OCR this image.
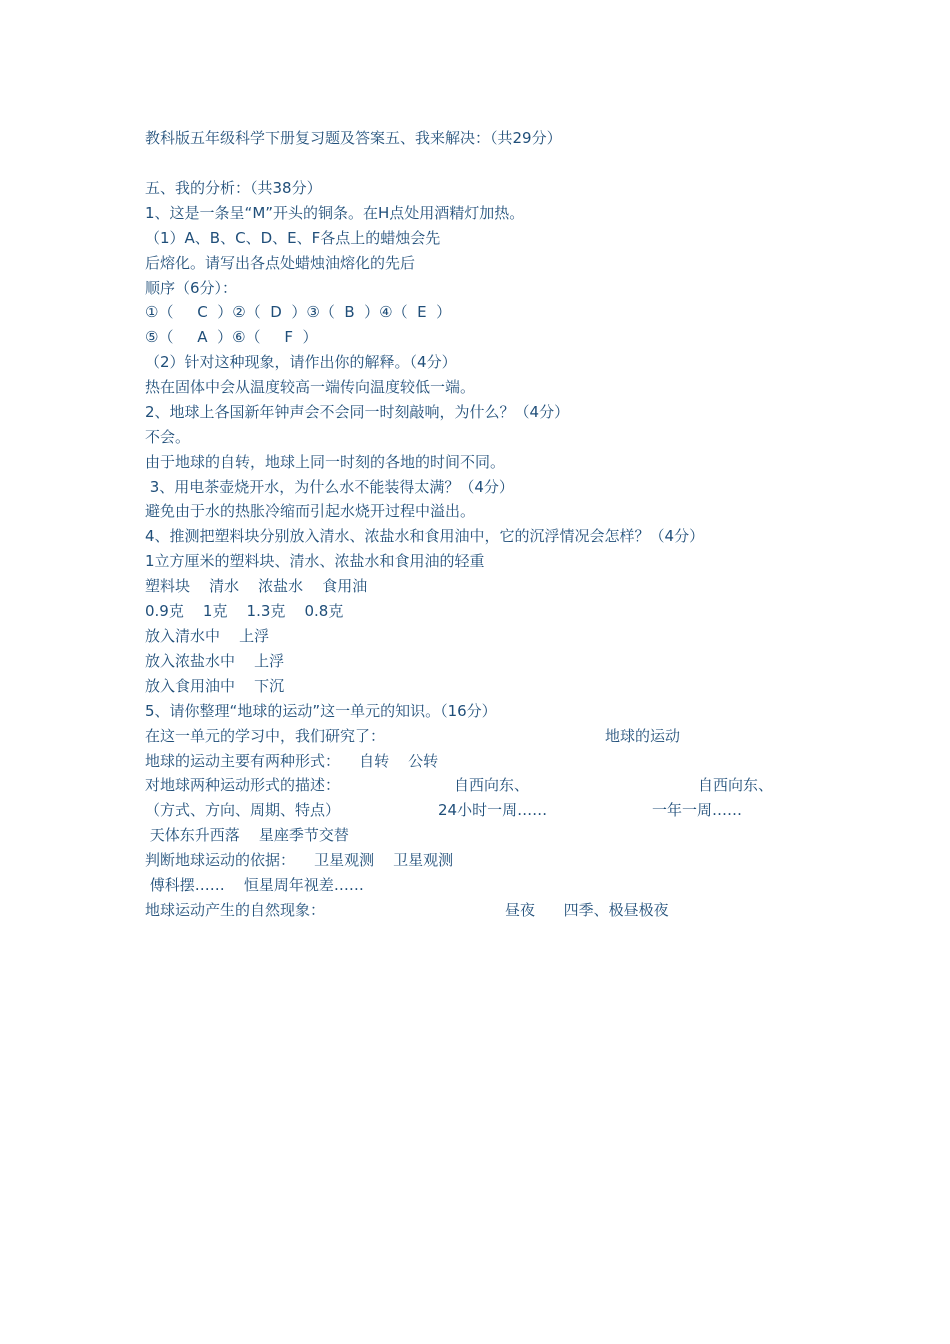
教科版五年级科学下册复习题及答案五、我来解决：（共29分）
五、我的分析：（共38分）
1、这是一条呈“M”开头的铜条。在H点处用酒精灯加热。
（1）A、B、C、D、E、F各点上的蜡烛会先
后熔化。请写出各点处蜡烛油熔化的先后
顺序（6分）：
①（     C  ）②（  D  ）③（  B  ）④（  E  ）
⑤（     A  ）⑥（     F  ）
（2）针对这种现象，请作出你的解释。（4分）
热在固体中会从温度较高一端传向温度较低一端。
2、地球上各国新年钟声会不会同一时刻敲响，为什么？（4分）
不会。
由于地球的自转，地球上同一时刻的各地的时间不同。
3、用电茶壶烧开水，为什么水不能装得太满？（4分）
避免由于水的热胀冷缩而引起水烧开过程中溢出。
4、推测把塑料块分别放入清水、浓盐水和食用油中，它的沉浮情况会怎样？（4分）
1立方厘米的塑料块、清水、浓盐水和食用油的轻重
塑料块    清水    浓盐水    食用油
0.9克    1克    1.3克    0.8克
放入清水中    上浮
放入浓盐水中    上浮
放入食用油中    下沉
5、请你整理“地球的运动”这一单元的知识。（16分）
在这一单元的学习中，我们研究了：	地球的运动
地球的运动主要有两种形式：    自转    公转
对地球两种运动形式的描述：	自西向东、	自西向东、
（方式、方向、周期、特点）	24小时一周……	一年一周……
天体东升西落    星座季节交替
判断地球运动的依据：    卫星观测    卫星观测
傅科摆……    恒星周年视差……
地球运动产生的自然现象：	昼夜      四季、极昼极夜
